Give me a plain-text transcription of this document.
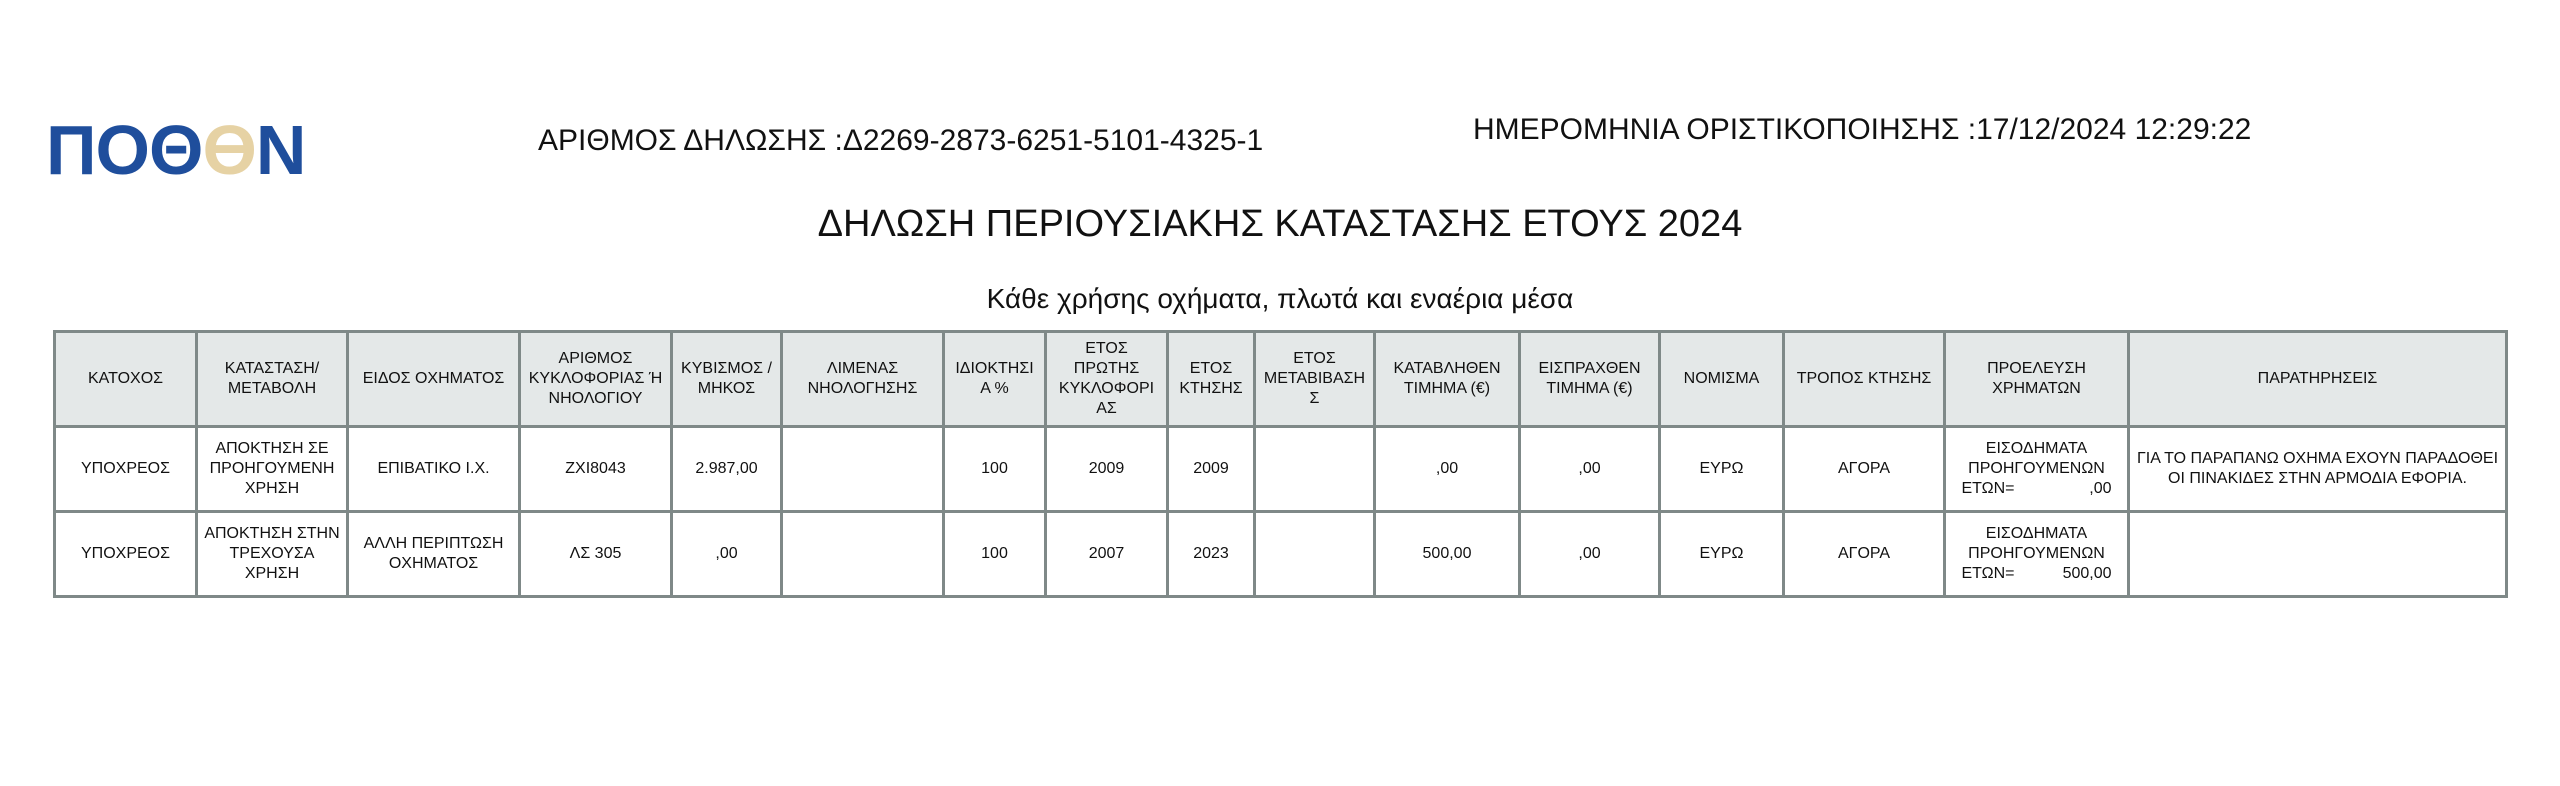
ΠΟΘƟN	ΑΡΙΘΜΟΣ ΔΗΛΩΣΗΣ :Δ2269-2873-6251-5101-4325-1	ΗΜΕΡΟΜΗΝΙΑ ΟΡΙΣΤΙΚΟΠΟΙΗΣΗΣ :17/12/2024 12:29:22
ΔΗΛΩΣΗ ΠΕΡΙΟΥΣΙΑΚΗΣ ΚΑΤΑΣΤΑΣΗΣ ΕΤΟΥΣ 2024
Κάθε χρήσης οχήματα, πλωτά και εναέρια μέσα
ΚΑΤΟΧΟΣ	ΚΑΤΑΣΤΑΣΗ/ ΜΕΤΑΒΟΛΗ	ΕΙΔΟΣ ΟΧΗΜΑΤΟΣ	ΑΡΙΘΜΟΣ ΚΥΚΛΟΦΟΡΙΑΣ Ή ΝΗΟΛΟΓΙΟΥ	ΚΥΒΙΣΜΟΣ / ΜΗΚΟΣ	ΛΙΜΕΝΑΣ ΝΗΟΛΟΓΗΣΗΣ	ΙΔΙΟΚΤΗΣΙ Α %	ΕΤΟΣ ΠΡΩΤΗΣ ΚΥΚΛΟΦΟΡΙ ΑΣ	ΕΤΟΣ ΚΤΗΣΗΣ	ΕΤΟΣ ΜΕΤΑΒΙΒΑΣΗ Σ	ΚΑΤΑΒΛΗΘΕΝ ΤΙΜΗΜΑ (€)	ΕΙΣΠΡΑΧΘΕΝ ΤΙΜΗΜΑ (€)	ΝΟΜΙΣΜΑ	ΤΡΟΠΟΣ ΚΤΗΣΗΣ	ΠΡΟΕΛΕΥΣΗ ΧΡΗΜΑΤΩΝ	ΠΑΡΑΤΗΡΗΣΕΙΣ
ΥΠΟΧΡΕΟΣ	ΑΠΟΚΤΗΣΗ ΣΕ ΠΡΟΗΓΟΥΜΕΝΗ ΧΡΗΣΗ	ΕΠΙΒΑΤΙΚΟ Ι.Χ.	ΖΧΙ8043	2.987,00		100	2009	2009		,00	,00	ΕΥΡΩ	ΑΓΟΡΑ	ΕΙΣΟΔΗΜΑΤΑ
ΠΡΟΗΓΟΥΜΕΝΩΝ
ΕΤΩΝ= ,00	ΓΙΑ ΤΟ ΠΑΡΑΠΑΝΩ ΟΧΗΜΑ ΕΧΟΥΝ ΠΑΡΑΔΟΘΕΙ ΟΙ ΠΙΝΑΚΙΔΕΣ ΣΤΗΝ ΑΡΜΟΔΙΑ ΕΦΟΡΙΑ.
ΥΠΟΧΡΕΟΣ	ΑΠΟΚΤΗΣΗ ΣΤΗΝ ΤΡΕΧΟΥΣΑ ΧΡΗΣΗ	ΑΛΛΗ ΠΕΡΙΠΤΩΣΗ ΟΧΗΜΑΤΟΣ	ΛΣ 305	,00		100	2007	2023		500,00	,00	ΕΥΡΩ	ΑΓΟΡΑ	ΕΙΣΟΔΗΜΑΤΑ
ΠΡΟΗΓΟΥΜΕΝΩΝ
ΕΤΩΝ= 500,00	
